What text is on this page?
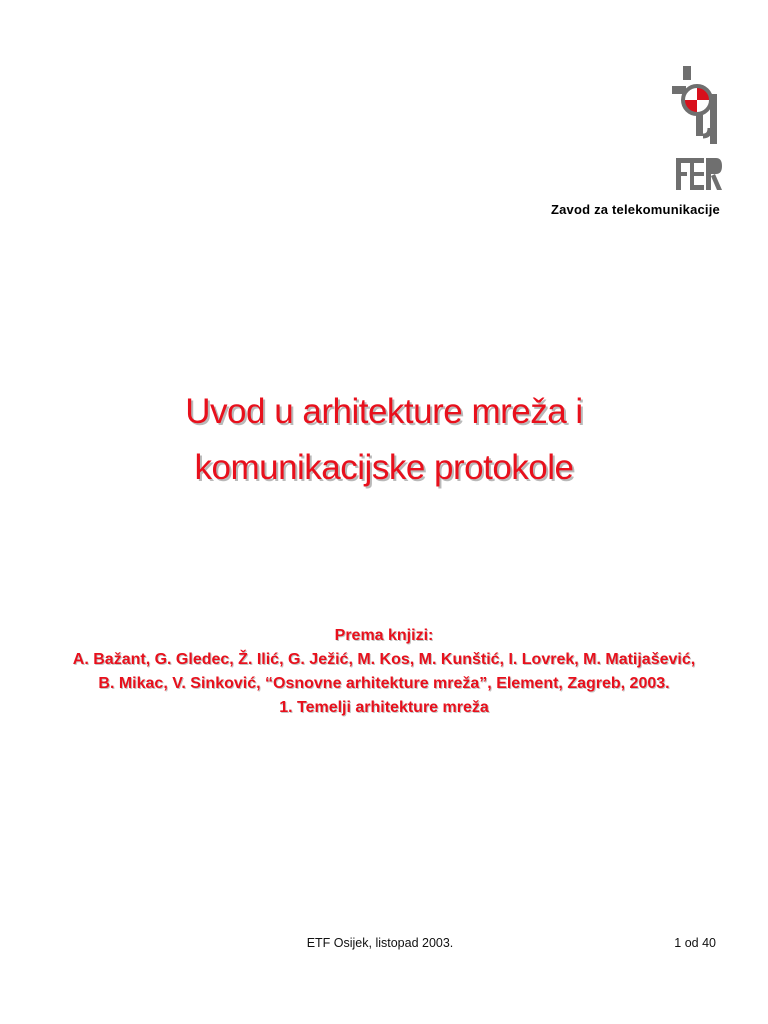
Zavod za telekomunikacije
Uvod u arhitekture mreža i
komunikacijske protokole
Prema knjizi:
A. Bažant, G. Gledec, Ž. Ilić, G. Ježić, M. Kos, M. Kunštić, I. Lovrek, M. Matijašević,
B. Mikac, V. Sinković, “Osnovne arhitekture mreža”, Element, Zagreb, 2003.
1. Temelji arhitekture mreža
ETF Osijek, listopad 2003.	1 od 40
